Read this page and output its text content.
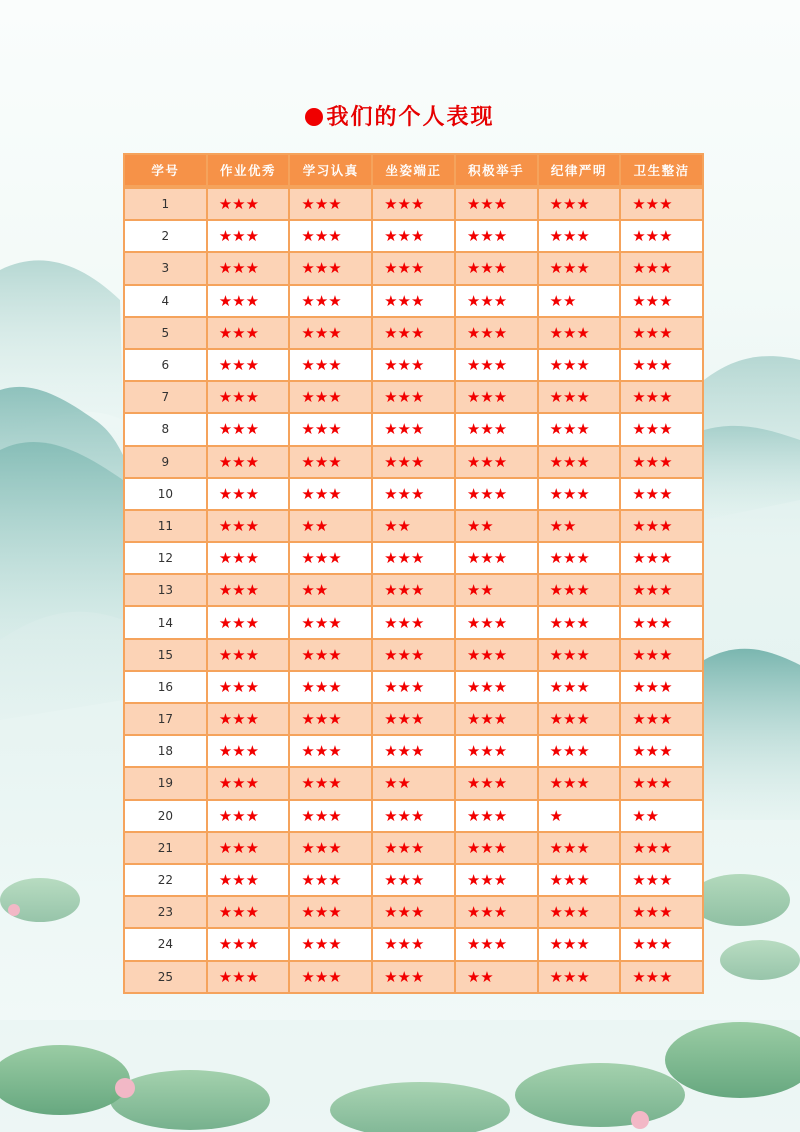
我们的个人表现
学号	作业优秀	学习认真	坐姿端正	积极举手	纪律严明	卫生整洁
1	★★★	★★★	★★★	★★★	★★★	★★★
2	★★★	★★★	★★★	★★★	★★★	★★★
3	★★★	★★★	★★★	★★★	★★★	★★★
4	★★★	★★★	★★★	★★★	★★	★★★
5	★★★	★★★	★★★	★★★	★★★	★★★
6	★★★	★★★	★★★	★★★	★★★	★★★
7	★★★	★★★	★★★	★★★	★★★	★★★
8	★★★	★★★	★★★	★★★	★★★	★★★
9	★★★	★★★	★★★	★★★	★★★	★★★
10	★★★	★★★	★★★	★★★	★★★	★★★
11	★★★	★★	★★	★★	★★	★★★
12	★★★	★★★	★★★	★★★	★★★	★★★
13	★★★	★★	★★★	★★	★★★	★★★
14	★★★	★★★	★★★	★★★	★★★	★★★
15	★★★	★★★	★★★	★★★	★★★	★★★
16	★★★	★★★	★★★	★★★	★★★	★★★
17	★★★	★★★	★★★	★★★	★★★	★★★
18	★★★	★★★	★★★	★★★	★★★	★★★
19	★★★	★★★	★★	★★★	★★★	★★★
20	★★★	★★★	★★★	★★★	★	★★
21	★★★	★★★	★★★	★★★	★★★	★★★
22	★★★	★★★	★★★	★★★	★★★	★★★
23	★★★	★★★	★★★	★★★	★★★	★★★
24	★★★	★★★	★★★	★★★	★★★	★★★
25	★★★	★★★	★★★	★★	★★★	★★★
